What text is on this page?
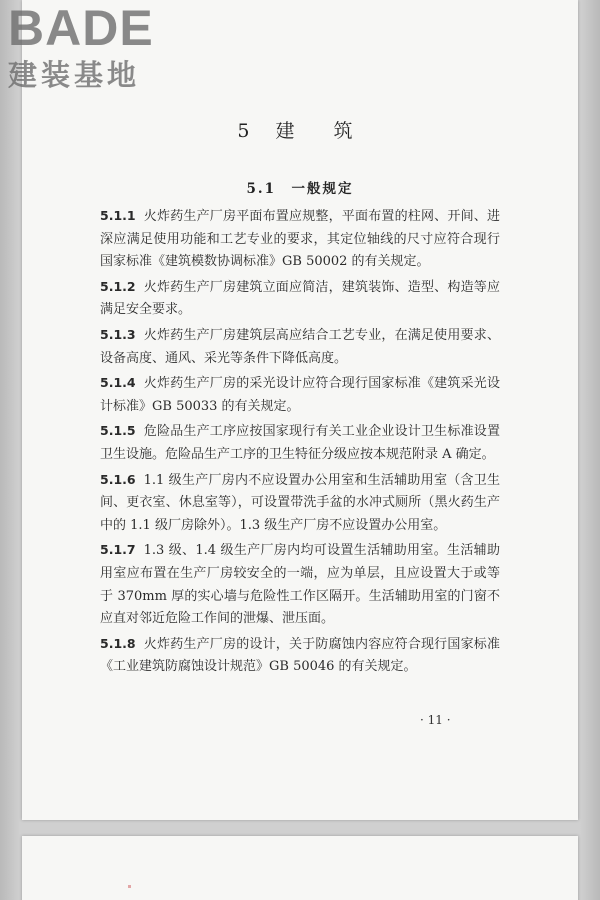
BADE
建装基地
5 建　筑
5.1　一般规定

5.1.1 火炸药生产厂房平面布置应规整，平面布置的柱网、开间、进深应满足使用功能和工艺专业的要求，其定位轴线的尺寸应符合现行国家标准《建筑模数协调标准》GB 50002 的有关规定。

5.1.2 火炸药生产厂房建筑立面应简洁，建筑装饰、造型、构造等应满足安全要求。

5.1.3 火炸药生产厂房建筑层高应结合工艺专业，在满足使用要求、设备高度、通风、采光等条件下降低高度。

5.1.4 火炸药生产厂房的采光设计应符合现行国家标准《建筑采光设计标准》GB 50033 的有关规定。

5.1.5 危险品生产工序应按国家现行有关工业企业设计卫生标准设置卫生设施。危险品生产工序的卫生特征分级应按本规范附录 A 确定。

5.1.6 1.1 级生产厂房内不应设置办公用室和生活辅助用室（含卫生间、更衣室、休息室等），可设置带洗手盆的水冲式厕所（黑火药生产中的 1.1 级厂房除外）。1.3 级生产厂房不应设置办公用室。

5.1.7 1.3 级、1.4 级生产厂房内均可设置生活辅助用室。生活辅助用室应布置在生产厂房较安全的一端，应为单层，且应设置大于或等于 370mm 厚的实心墙与危险性工作区隔开。生活辅助用室的门窗不应直对邻近危险工作间的泄爆、泄压面。

5.1.8 火炸药生产厂房的设计，关于防腐蚀内容应符合现行国家标准《工业建筑防腐蚀设计规范》GB 50046 的有关规定。

· 11 ·
